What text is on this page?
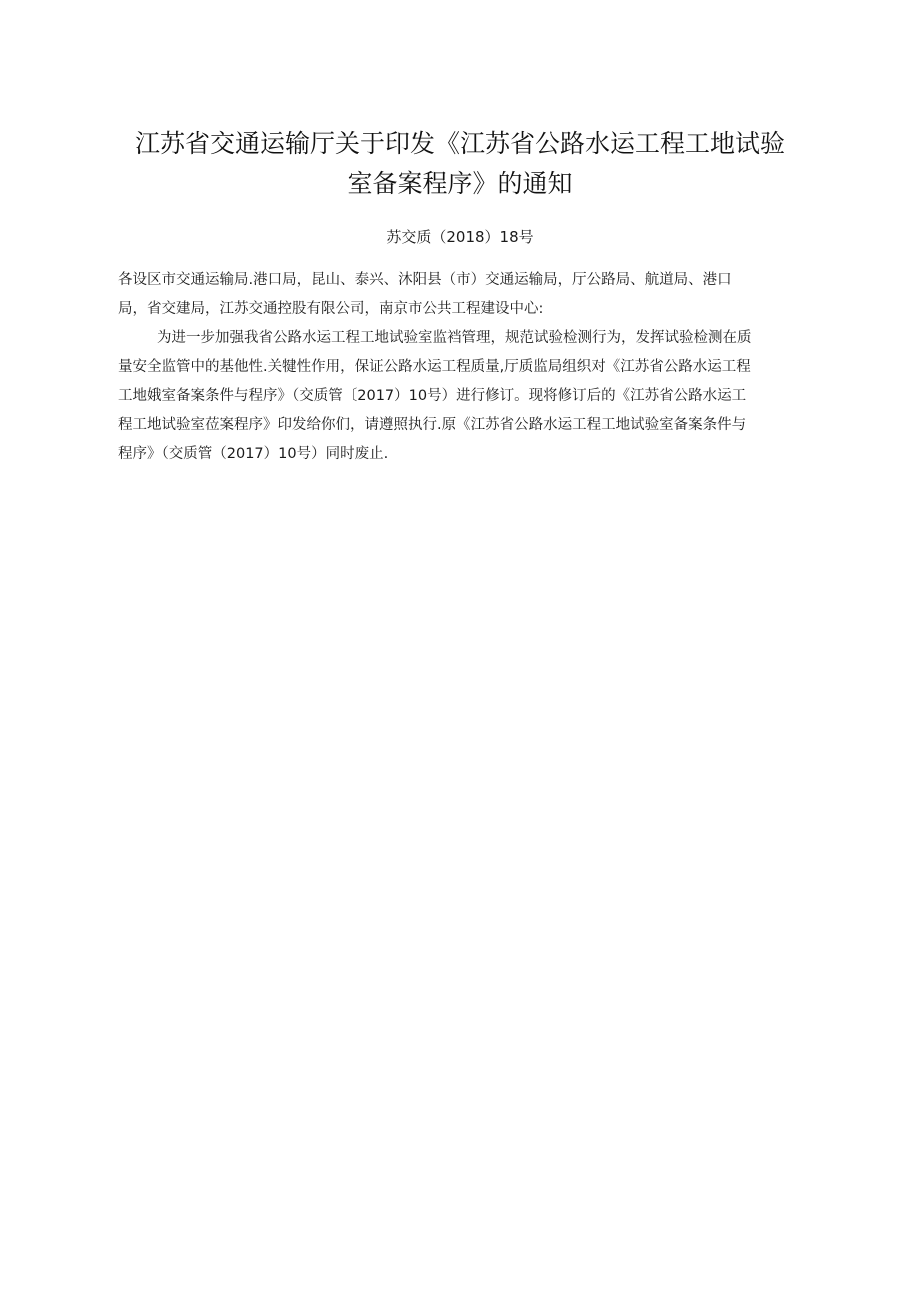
江苏省交通运输厅关于印发《江苏省公路水运工程工地试验
室备案程序》的通知
苏交质（2018）18号
各设区市交通运输局.港口局，昆山、泰兴、沐阳县（市）交通运输局，厅公路局、航道局、港口
局，省交建局，江苏交通控股有限公司，南京市公共工程建设中心:
为进一步加强我省公路水运工程工地试验室监裆管理，规范试验检测行为，发挥试验检测在质
量安全监管中的基他性.关犍性作用，保证公路水运工程质量,厅质监局组织对《江苏省公路水运工程
工地娥室备案条件与程序》（交质管〔2017）10号）进行修订。现将修订后的《江苏省公路水运工
程工地试验室莅案程序》印发给你们，请遵照执行.原《江苏省公路水运工程工地试验室备案条件与
程序》（交质管（2017）10号）同时废止.
